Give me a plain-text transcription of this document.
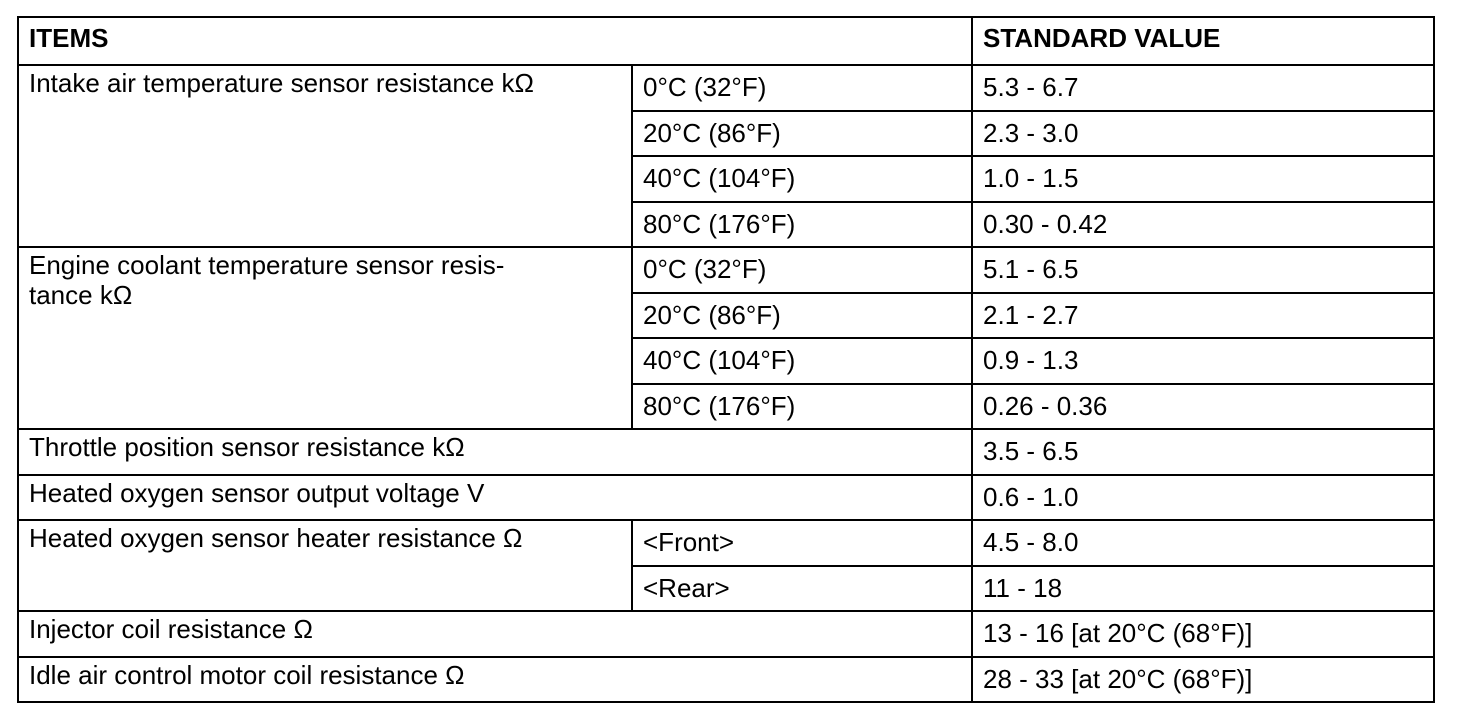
ITEMS		STANDARD VALUE
Intake air temperature sensor resistance kΩ	0°C (32°F)	5.3 - 6.7
	20°C (86°F)	2.3 - 3.0
	40°C (104°F)	1.0 - 1.5
	80°C (176°F)	0.30 - 0.42

Engine coolant temperature sensor resis-
tance kΩ	0°C (32°F)	5.1 - 6.5
	20°C (86°F)	2.1 - 2.7
	40°C (104°F)	0.9 - 1.3
	80°C (176°F)	0.26 - 0.36
Throttle position sensor resistance kΩ		3.5 - 6.5
Heated oxygen sensor output voltage V		0.6 - 1.0
Heated oxygen sensor heater resistance Ω	<Front>	4.5 - 8.0
	<Rear>	11 - 18
Injector coil resistance Ω		13 - 16 [at 20°C (68°F)]
Idle air control motor coil resistance Ω		28 - 33 [at 20°C (68°F)]
